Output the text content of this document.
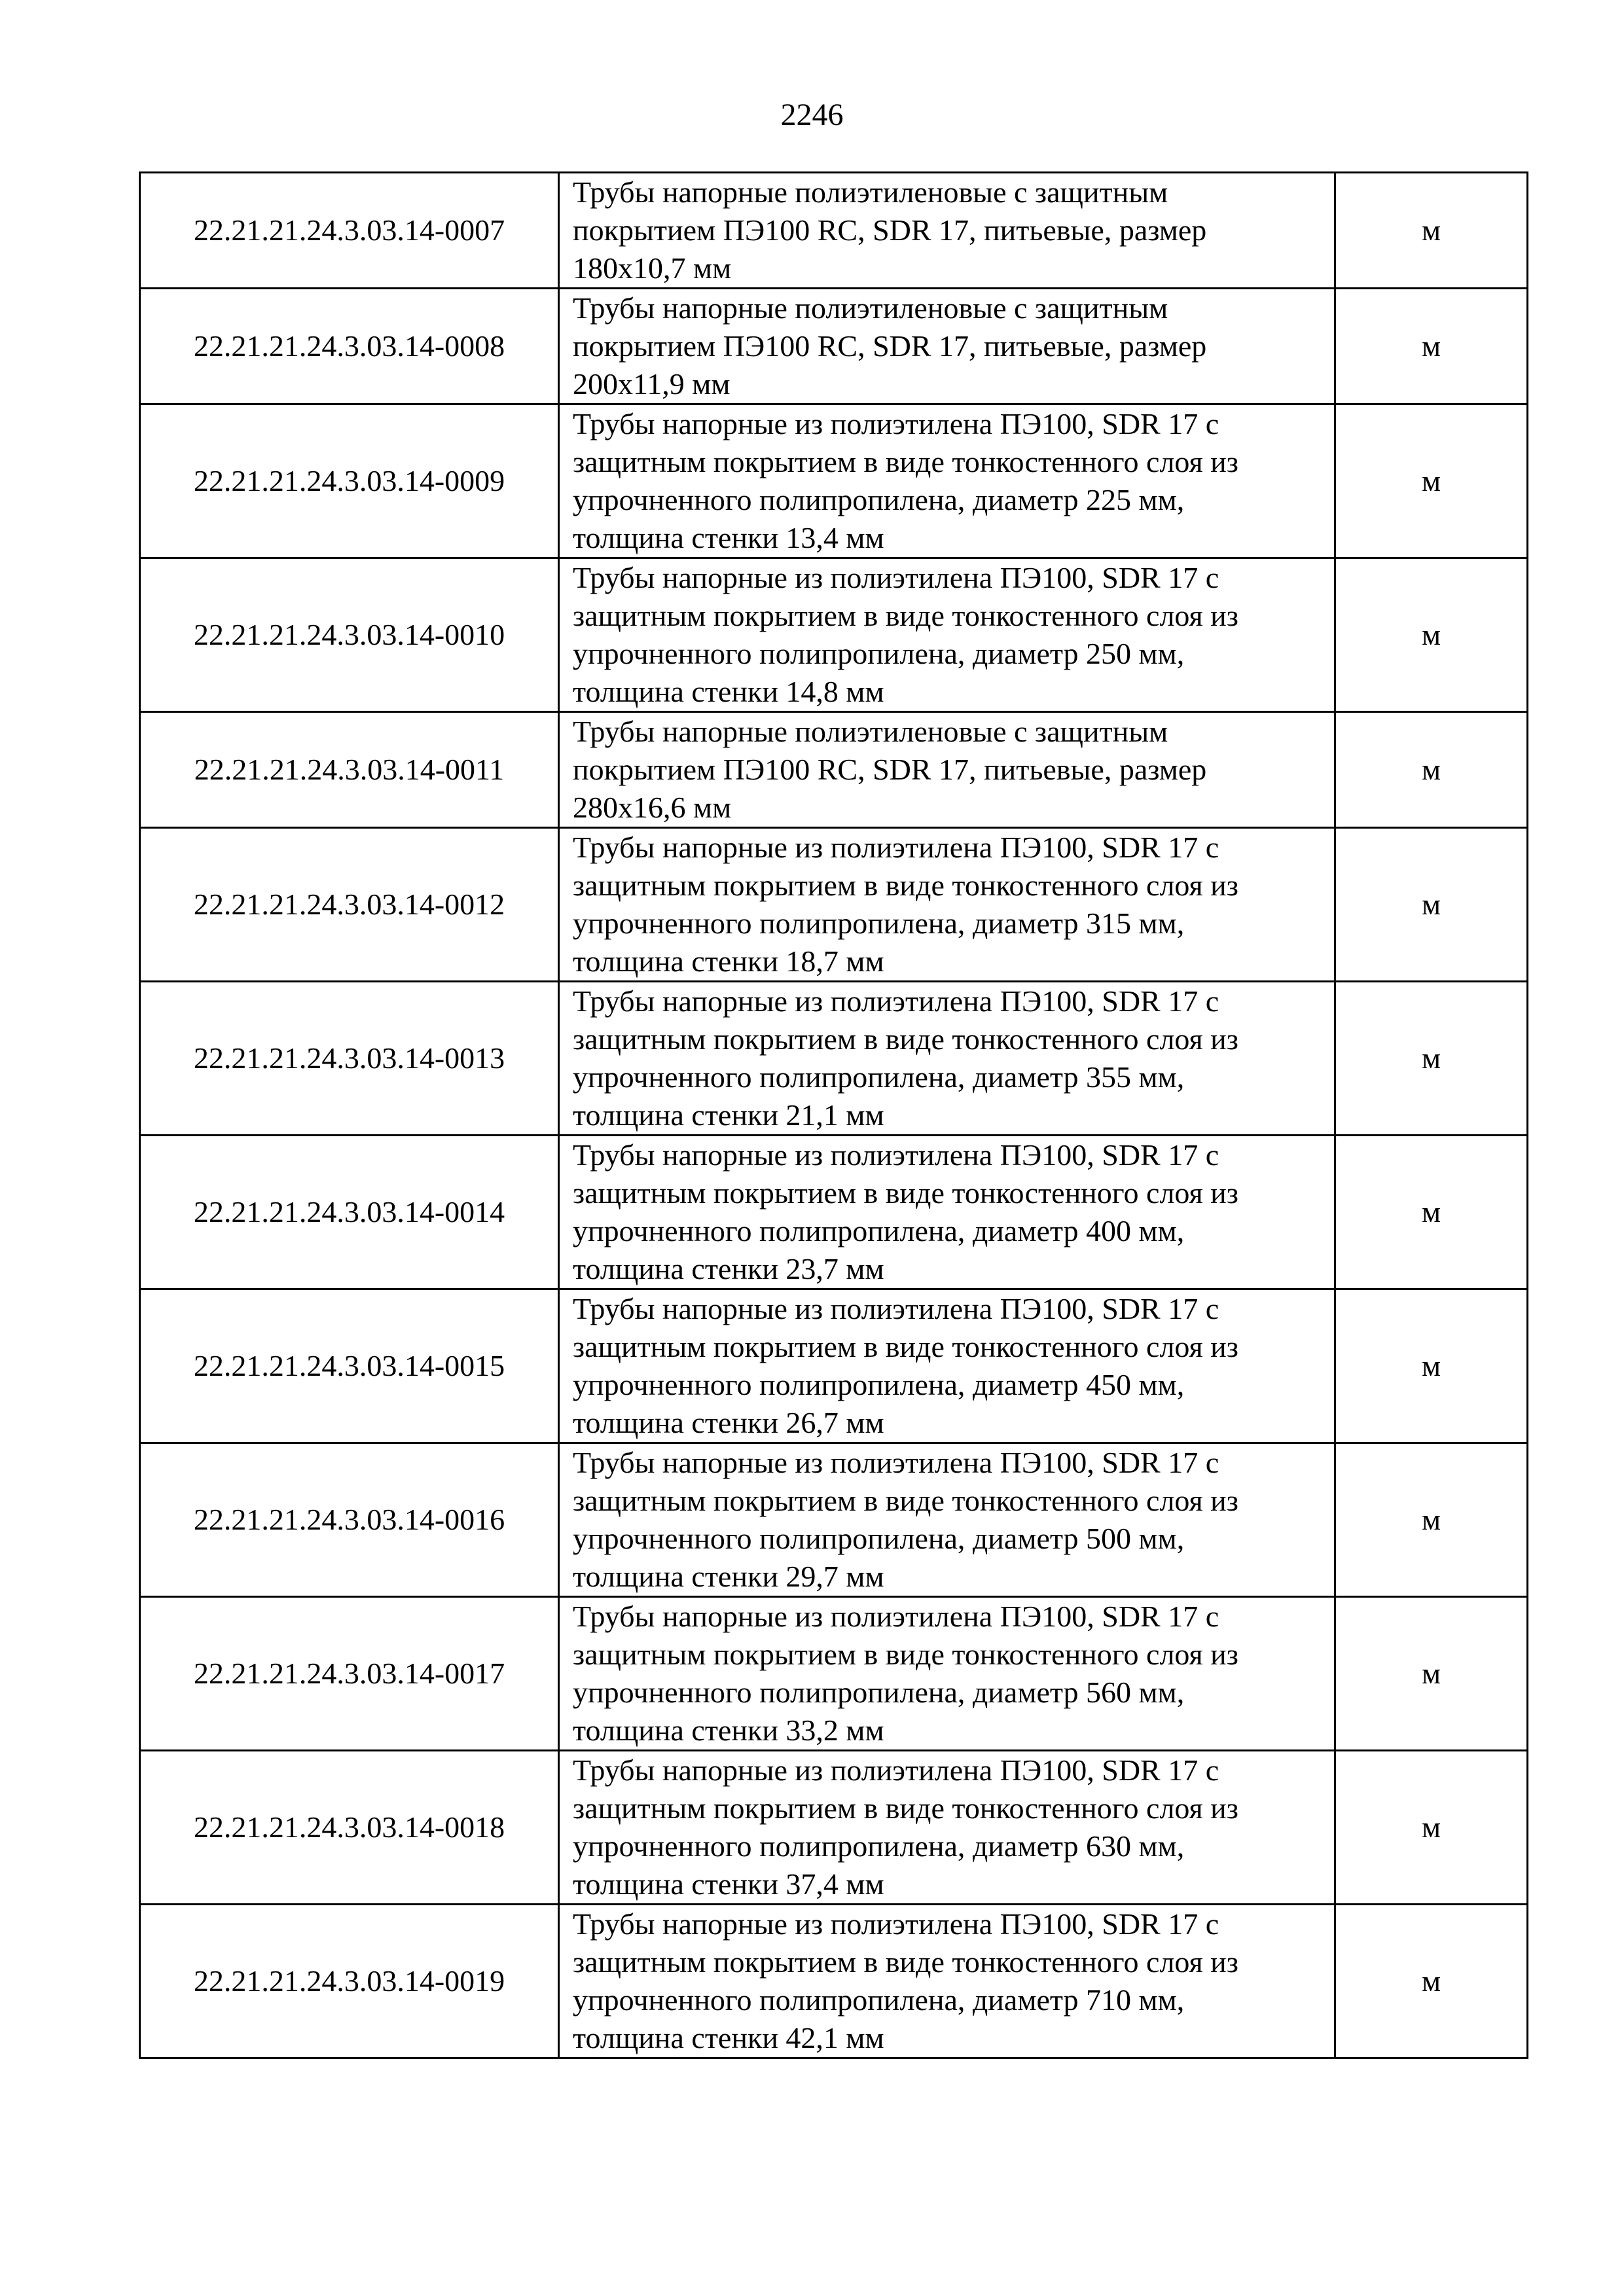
2246
22.21.21.24.3.03.14-0007	Трубы напорные полиэтиленовые с защитным
покрытием ПЭ100 RC, SDR 17, питьевые, размер
180х10,7 мм	м
22.21.21.24.3.03.14-0008	Трубы напорные полиэтиленовые с защитным
покрытием ПЭ100 RC, SDR 17, питьевые, размер
200х11,9 мм	м
22.21.21.24.3.03.14-0009	Трубы напорные из полиэтилена ПЭ100, SDR 17 с
защитным покрытием в виде тонкостенного слоя из
упрочненного полипропилена, диаметр 225 мм,
толщина стенки 13,4 мм	м
22.21.21.24.3.03.14-0010	Трубы напорные из полиэтилена ПЭ100, SDR 17 с
защитным покрытием в виде тонкостенного слоя из
упрочненного полипропилена, диаметр 250 мм,
толщина стенки 14,8 мм	м
22.21.21.24.3.03.14-0011	Трубы напорные полиэтиленовые с защитным
покрытием ПЭ100 RC, SDR 17, питьевые, размер
280х16,6 мм	м
22.21.21.24.3.03.14-0012	Трубы напорные из полиэтилена ПЭ100, SDR 17 с
защитным покрытием в виде тонкостенного слоя из
упрочненного полипропилена, диаметр 315 мм,
толщина стенки 18,7 мм	м
22.21.21.24.3.03.14-0013	Трубы напорные из полиэтилена ПЭ100, SDR 17 с
защитным покрытием в виде тонкостенного слоя из
упрочненного полипропилена, диаметр 355 мм,
толщина стенки 21,1 мм	м
22.21.21.24.3.03.14-0014	Трубы напорные из полиэтилена ПЭ100, SDR 17 с
защитным покрытием в виде тонкостенного слоя из
упрочненного полипропилена, диаметр 400 мм,
толщина стенки 23,7 мм	м
22.21.21.24.3.03.14-0015	Трубы напорные из полиэтилена ПЭ100, SDR 17 с
защитным покрытием в виде тонкостенного слоя из
упрочненного полипропилена, диаметр 450 мм,
толщина стенки 26,7 мм	м
22.21.21.24.3.03.14-0016	Трубы напорные из полиэтилена ПЭ100, SDR 17 с
защитным покрытием в виде тонкостенного слоя из
упрочненного полипропилена, диаметр 500 мм,
толщина стенки 29,7 мм	м
22.21.21.24.3.03.14-0017	Трубы напорные из полиэтилена ПЭ100, SDR 17 с
защитным покрытием в виде тонкостенного слоя из
упрочненного полипропилена, диаметр 560 мм,
толщина стенки 33,2 мм	м
22.21.21.24.3.03.14-0018	Трубы напорные из полиэтилена ПЭ100, SDR 17 с
защитным покрытием в виде тонкостенного слоя из
упрочненного полипропилена, диаметр 630 мм,
толщина стенки 37,4 мм	м
22.21.21.24.3.03.14-0019	Трубы напорные из полиэтилена ПЭ100, SDR 17 с
защитным покрытием в виде тонкостенного слоя из
упрочненного полипропилена, диаметр 710 мм,
толщина стенки 42,1 мм	м
